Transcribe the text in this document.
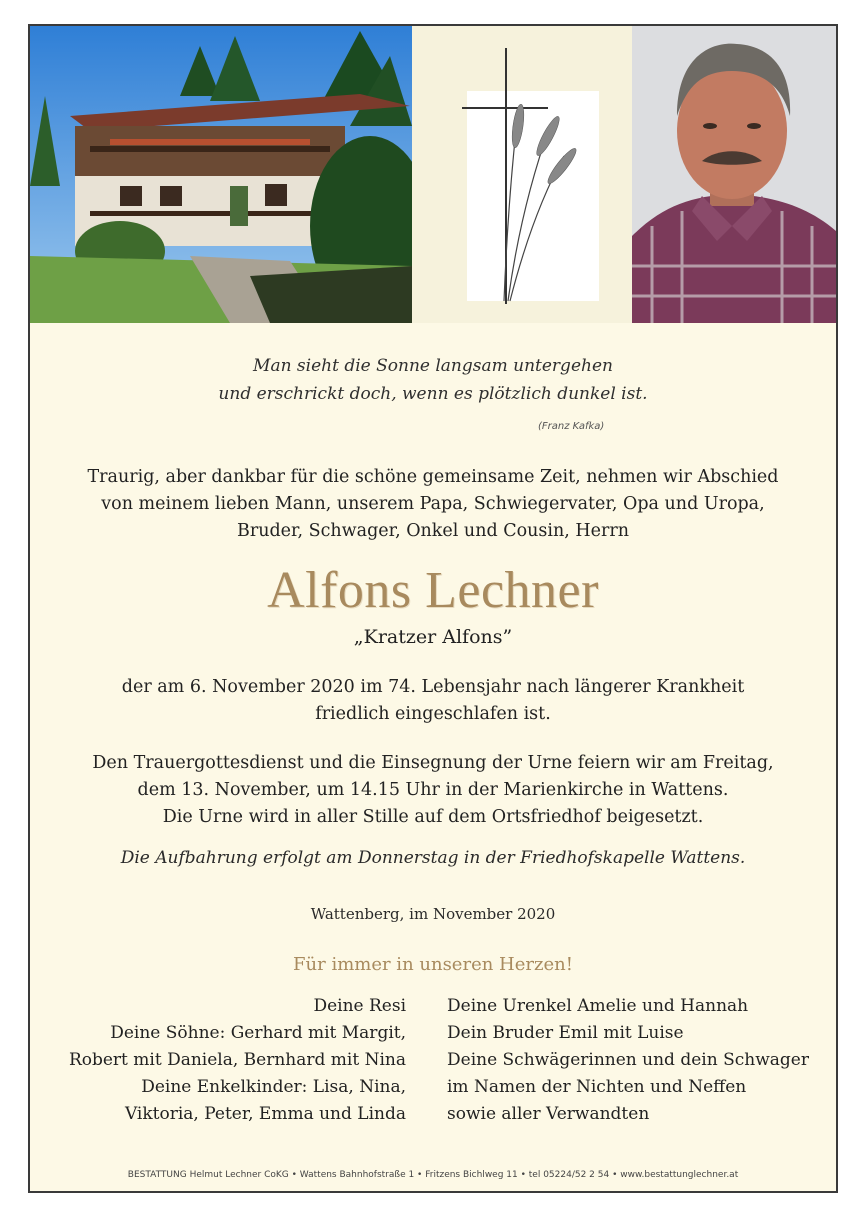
Man sieht die Sonne langsam untergehen
und erschrickt doch, wenn es plötzlich dunkel ist.
(Franz Kafka)
Traurig, aber dankbar für die schöne gemeinsame Zeit, nehmen wir Abschied
von meinem lieben Mann, unserem Papa, Schwiegervater, Opa und Uropa,
Bruder, Schwager, Onkel und Cousin, Herrn
Alfons Lechner
„Kratzer Alfons”
der am 6. November 2020 im 74. Lebensjahr nach längerer Krankheit
friedlich eingeschlafen ist.
Den Trauergottesdienst und die Einsegnung der Urne feiern wir am Freitag,
dem 13. November, um 14.15 Uhr in der Marienkirche in Wattens.
Die Urne wird in aller Stille auf dem Ortsfriedhof beigesetzt.
Die Aufbahrung erfolgt am Donnerstag in der Friedhofskapelle Wattens.
Wattenberg, im November 2020
Für immer in unseren Herzen!
Deine Resi
Deine Söhne: Gerhard mit Margit,
Robert mit Daniela, Bernhard mit Nina
Deine Enkelkinder: Lisa, Nina,
Viktoria, Peter, Emma und Linda
Deine Urenkel Amelie und Hannah
Dein Bruder Emil mit Luise
Deine Schwägerinnen und dein Schwager
im Namen der Nichten und Neffen
sowie aller Verwandten
BESTATTUNG Helmut Lechner CoKG • Wattens Bahnhofstraße 1 • Fritzens Bichlweg 11 • tel 05224/52 2 54 • www.bestattunglechner.at
